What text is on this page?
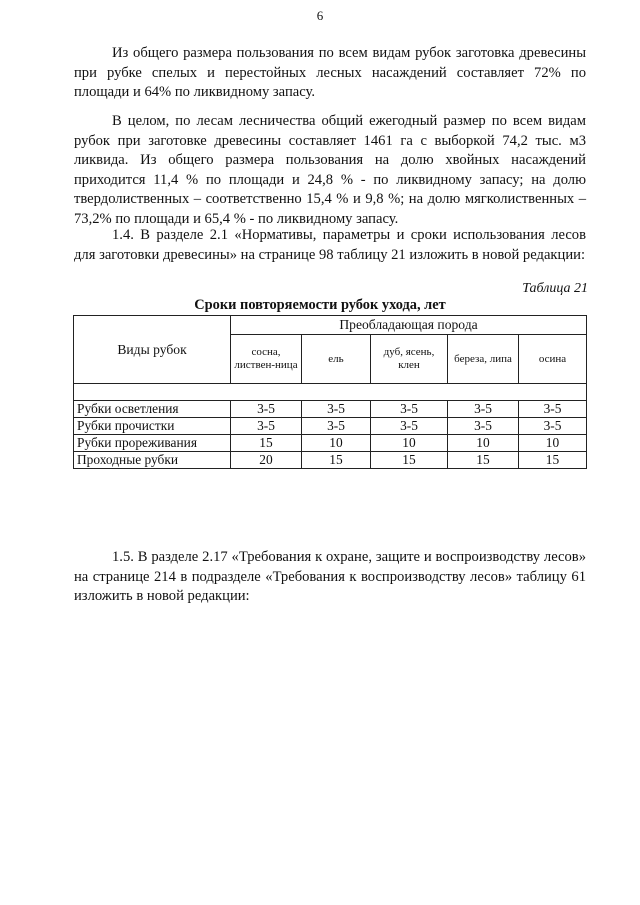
6

Из общего размера пользования по всем видам рубок заготовка древесины при рубке спелых и перестойных лесных насаждений составляет 72% по площади и 64% по ликвидному запасу.

В целом, по лесам лесничества общий ежегодный размер по всем видам рубок при заготовке древесины составляет 1461 га с выборкой 74,2 тыс. м3 ликвида. Из общего размера пользования на долю хвойных насаждений приходится 11,4 % по площади и 24,8 % - по ликвидному запасу; на долю твердолиственных – соответственно 15,4 % и 9,8 %; на долю мягколиственных –73,2% по площади и 65,4 % - по ликвидному запасу.

1.4. В разделе 2.1 «Нормативы, параметры и сроки использования лесов для заготовки древесины» на странице 98 таблицу 21 изложить в новой редакции:

Таблица 21
Сроки повторяемости рубок ухода, лет
Виды рубок	Преобладающая порода				
	сосна, листвен-ница	ель	дуб, ясень, клен	береза, липа	осина

Рубки осветления	3-5	3-5	3-5	3-5	3-5
Рубки прочистки	3-5	3-5	3-5	3-5	3-5
Рубки прореживания	15	10	10	10	10
Проходные рубки	20	15	15	15	15

1.5. В разделе 2.17 «Требования к охране, защите и воспроизводству лесов» на странице 214 в подразделе «Требования к воспроизводству лесов» таблицу 61 изложить в новой редакции:
